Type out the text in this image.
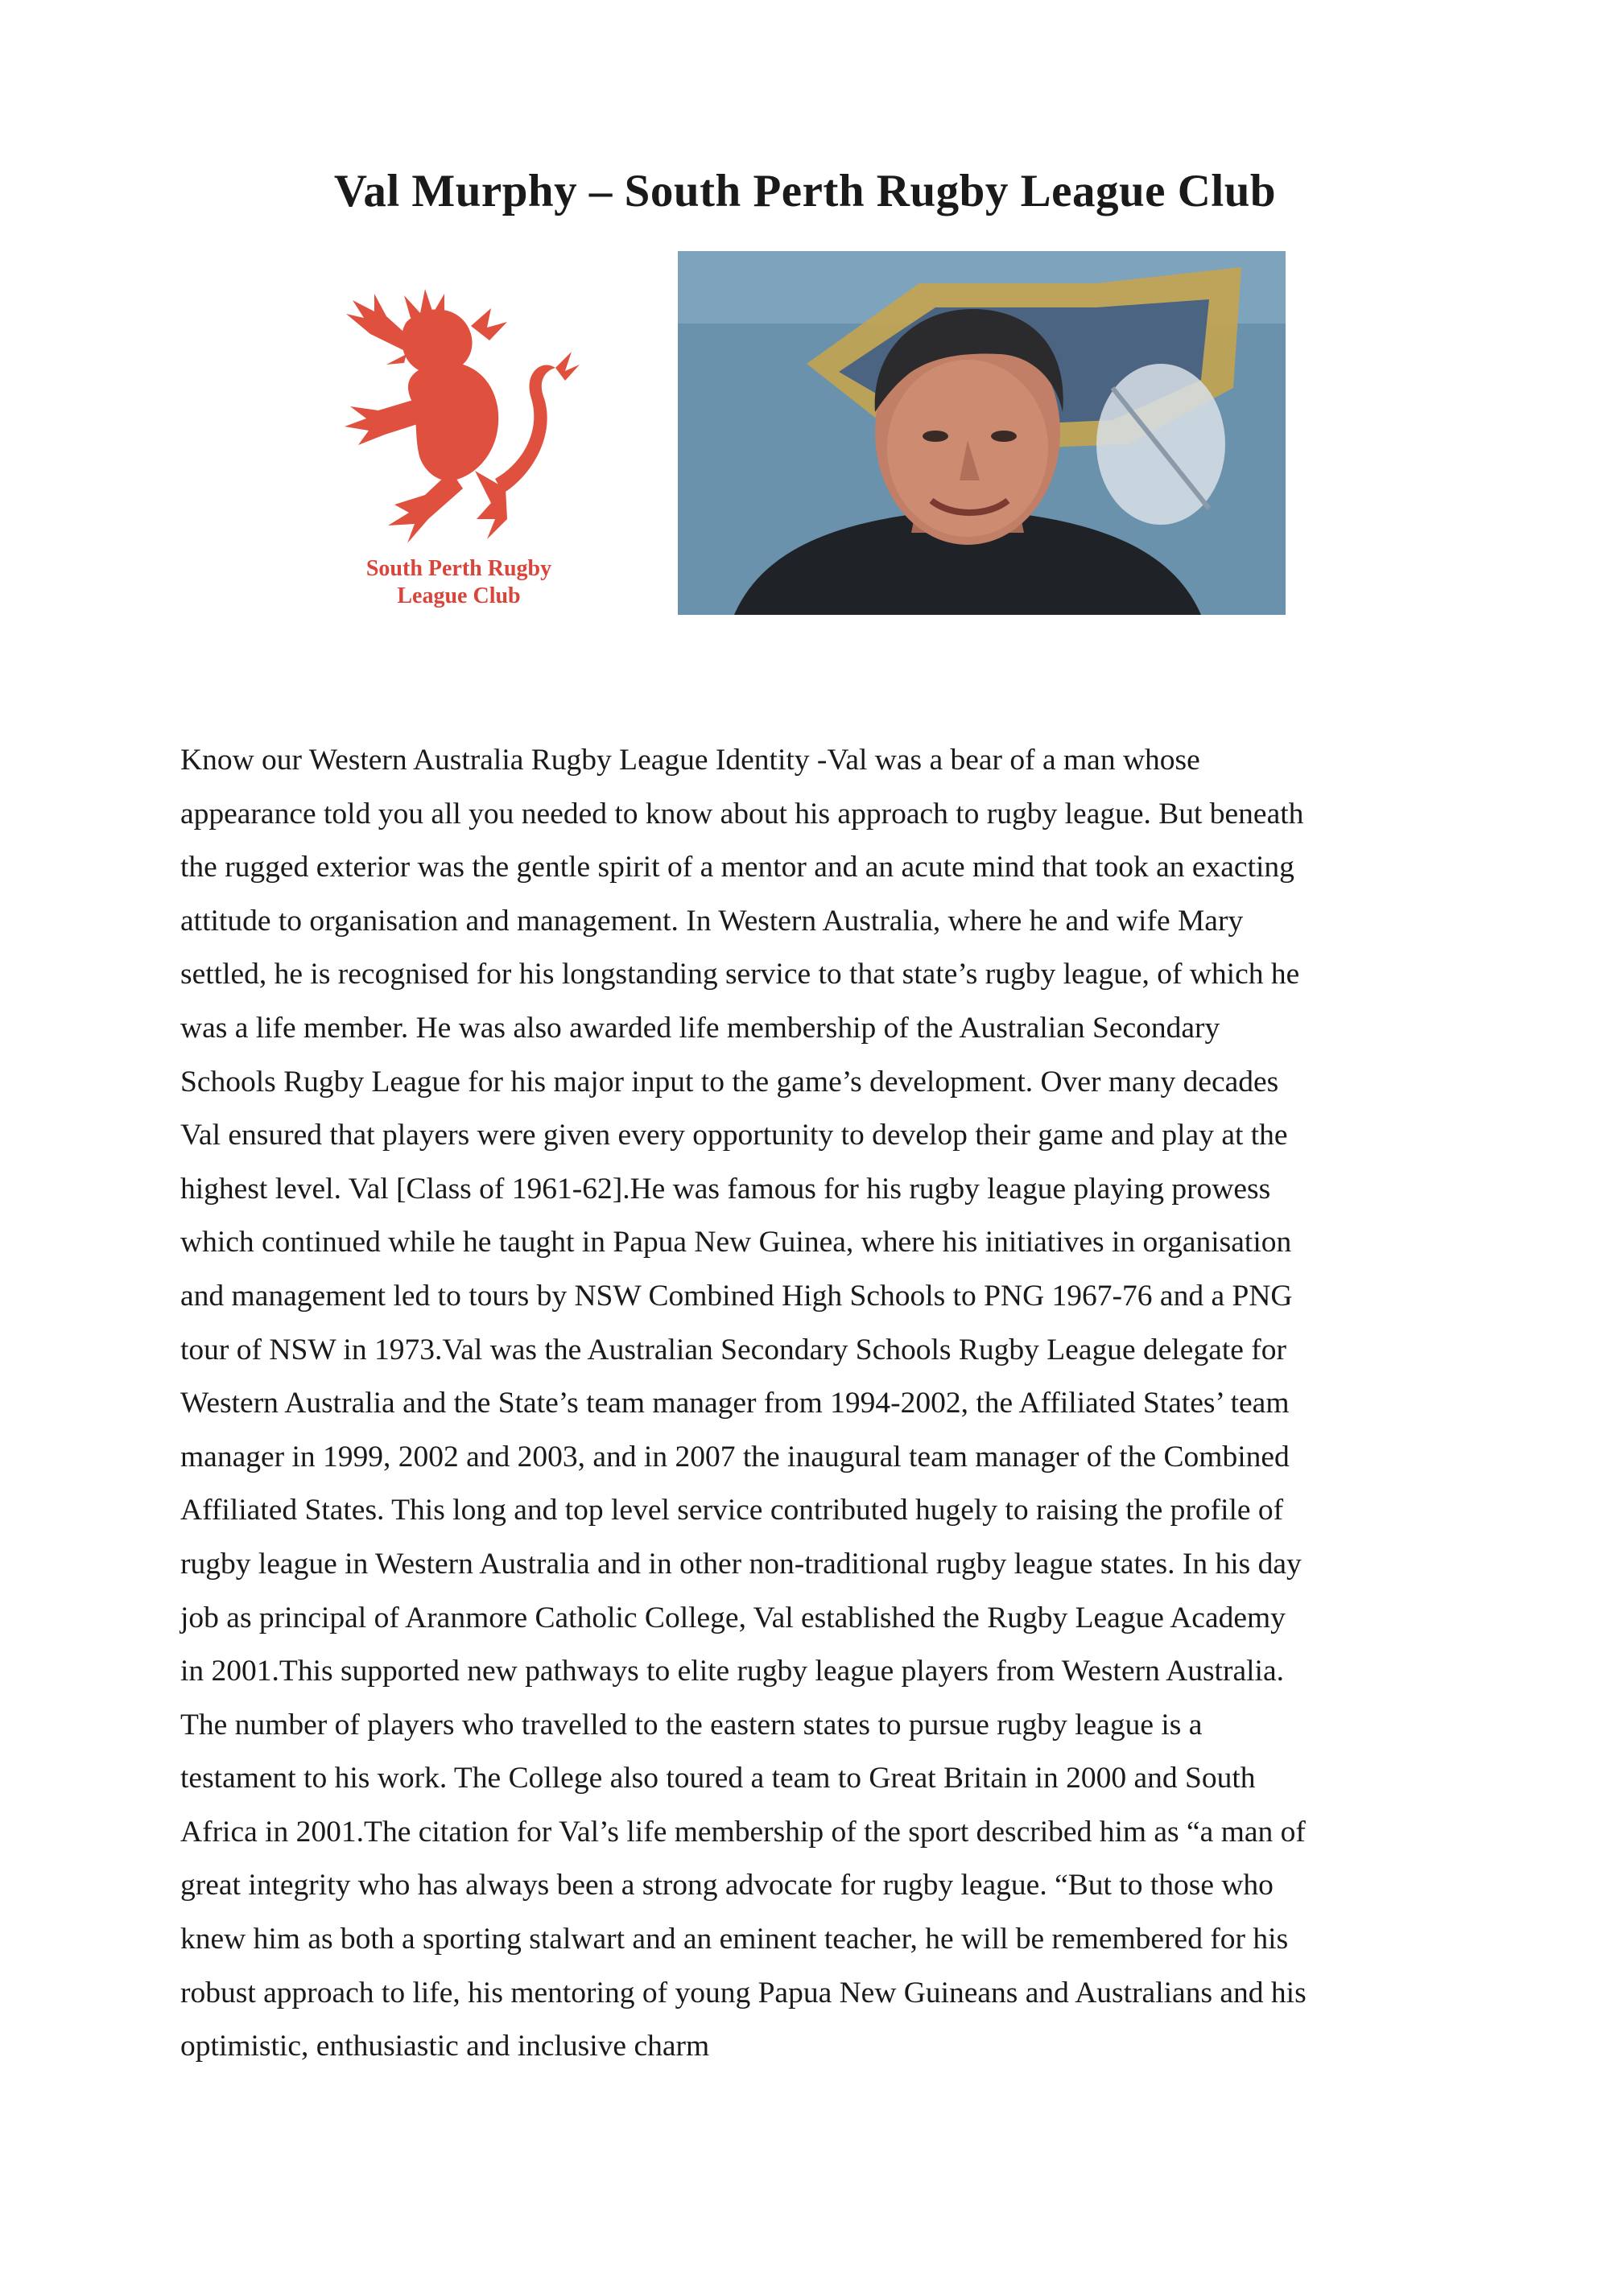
Val Murphy – South Perth Rugby League Club
South Perth Rugby
League Club
Know our Western Australia Rugby League Identity -Val was a bear of a man whose
appearance told you all you needed to know about his approach to rugby league. But beneath
the rugged exterior was the gentle spirit of a mentor and an acute mind that took an exacting
attitude to organisation and management. In Western Australia, where he and wife Mary
settled, he is recognised for his longstanding service to that state’s rugby league, of which he
was a life member. He was also awarded life membership of the Australian Secondary
Schools Rugby League for his major input to the game’s development. Over many decades
Val ensured that players were given every opportunity to develop their game and play at the
highest level. Val [Class of 1961-62].He was famous for his rugby league playing prowess
which continued while he taught in Papua New Guinea, where his initiatives in organisation
and management led to tours by NSW Combined High Schools to PNG 1967-76 and a PNG
tour of NSW in 1973.Val was the Australian Secondary Schools Rugby League delegate for
Western Australia and the State’s team manager from 1994-2002, the Affiliated States’ team
manager in 1999, 2002 and 2003, and in 2007 the inaugural team manager of the Combined
Affiliated States. This long and top level service contributed hugely to raising the profile of
rugby league in Western Australia and in other non-traditional rugby league states. In his day
job as principal of Aranmore Catholic College, Val established the Rugby League Academy
in 2001.This supported new pathways to elite rugby league players from Western Australia.
The number of players who travelled to the eastern states to pursue rugby league is a
testament to his work. The College also toured a team to Great Britain in 2000 and South
Africa in 2001.The citation for Val’s life membership of the sport described him as “a man of
great integrity who has always been a strong advocate for rugby league. “But to those who
knew him as both a sporting stalwart and an eminent teacher, he will be remembered for his
robust approach to life, his mentoring of young Papua New Guineans and Australians and his
optimistic, enthusiastic and inclusive charm
